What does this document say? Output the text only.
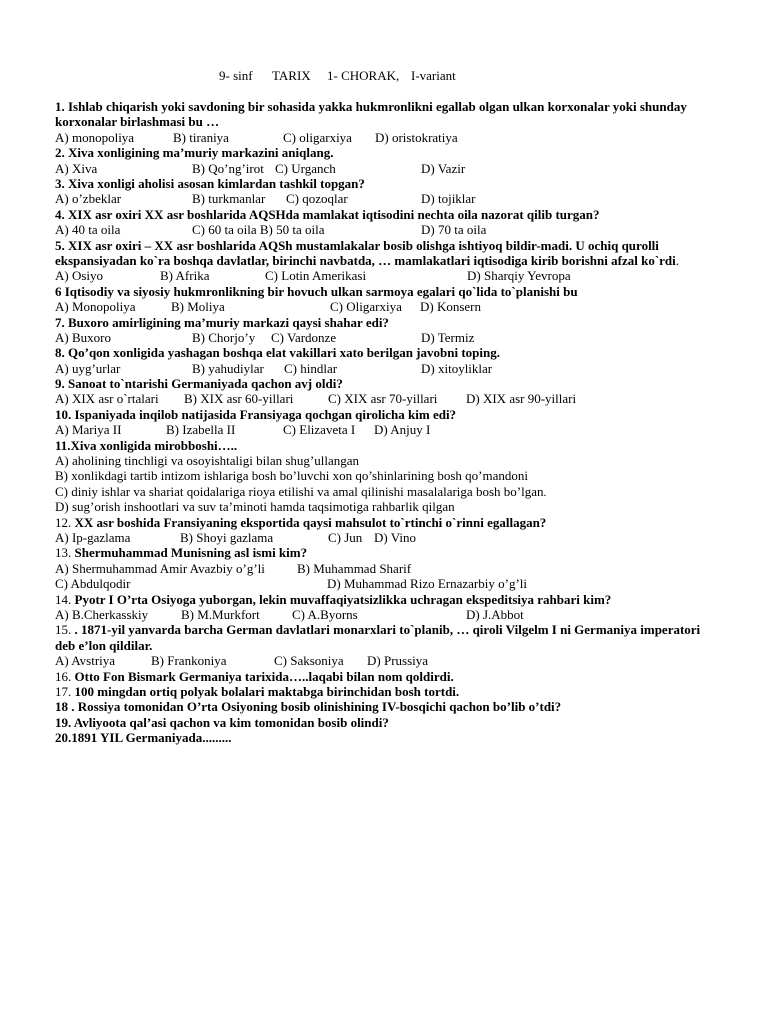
9- sinf

TARIX

1- CHORAK,

I-variant

1. Ishlab chiqarish yoki savdoning bir sohasida yakka hukmronlikni egallab olgan ulkan korxonalar yoki shunday korxonalar birlashmasi bu …
A) monopoliya	B) tiraniya	C) oligarxiya D) oristokratiya
2. Xiva xonligining ma’muriy markazini aniqlang.
A) Xiva	B) Qo’ng’irot C) Urganch	D) Vazir
3. Xiva xonligi aholisi asosan kimlardan tashkil topgan?
A) o’zbeklar	B) turkmanlar C) qozoqlar	D) tojiklar
4. XIX asr oxiri XX asr boshlarida AQSHda mamlakat iqtisodini nechta oila nazorat qilib turgan?
A) 40 ta oila	C) 60 ta oila B) 50 ta oila	D) 70 ta oila
5. XIX asr oxiri – XX asr boshlarida AQSh mustamlakalar bosib olishga ishtiyoq bildir-madi. U ochiq qurolli ekspansiyadan ko`ra boshqa davlatlar, birinchi navbatda, … mamlakatlari iqtisodiga kirib borishni afzal ko`rdi.
A) Osiyo	B) Afrika	C) Lotin Amerikasi	D) Sharqiy Yevropa
6 Iqtisodiy va siyosiy hukmronlikning bir hovuch ulkan sarmoya egalari qo`lida to`planishi bu
A) Monopoliya	B) Moliya	C) Oligarxiya D) Konsern
7. Buxoro amirligining ma’muriy markazi qaysi shahar edi?
A) Buxoro	B) Chorjo’y C) Vardonze	D) Termiz
8. Qo’qon xonligida yashagan boshqa elat vakillari xato berilgan javobni toping.
A) uyg’urlar	B) yahudiylar C) hindlar	D) xitoyliklar
9. Sanoat to`ntarishi Germaniyada qachon avj oldi?
A) XIX asr o`rtalari B) XIX asr 60-yillari	C) XIX asr 70-yillari D) XIX asr 90-yillari
10. Ispaniyada inqilob natijasida Fransiyaga qochgan qirolicha kim edi?
A) Mariya II	B) Izabella II	C) Elizaveta I D) Anjuy I
11.Xiva xonligida mirobboshi…..
A) aholining tinchligi va osoyishtaligi bilan shug’ullangan
B) xonlikdagi tartib intizom ishlariga bosh bo’luvchi xon qo’shinlarining bosh qo’mandoni
C) diniy ishlar va shariat qoidalariga rioya etilishi va amal qilinishi masalalariga bosh bo’lgan.
D) sug’orish inshootlari va suv ta’minoti hamda taqsimotiga rahbarlik qilgan
12. XX asr boshida Fransiyaning eksportida qaysi mahsulot to`rtinchi o`rinni egallagan?
A) Ip-gazlama	B) Shoyi gazlama	C) Jun D) Vino
13. Shermuhammad Munisning asl ismi kim?
A) Shermuhammad Amir Avazbiy o’g’li B) Muhammad Sharif
C) Abdulqodir	D) Muhammad Rizo Ernazarbiy o’g’li
14. Pyotr I O’rta Osiyoga yuborgan, lekin muvaffaqiyatsizlikka uchragan ekspeditsiya rahbari kim?
A) B.Cherkasskiy	B) M.Murkfort C) A.Byorns	D) J.Abbot
15. . 1871-yil yanvarda barcha German davlatlari monarxlari to`planib, … qiroli Vilgelm I ni Germaniya imperatori deb e’lon qildilar.
A) Avstriya	B) Frankoniya	C) Saksoniya D) Prussiya
16. Otto Fon Bismark Germaniya tarixida…..laqabi bilan nom qoldirdi.
17. 100 mingdan ortiq polyak bolalari maktabga birinchidan bosh tortdi.
18 . Rossiya tomonidan O’rta Osiyoning bosib olinishining IV-bosqichi qachon bo’lib o’tdi?
19. Avliyoota qal’asi qachon va kim tomonidan bosib olindi?
20.1891 YIL Germaniyada.........
